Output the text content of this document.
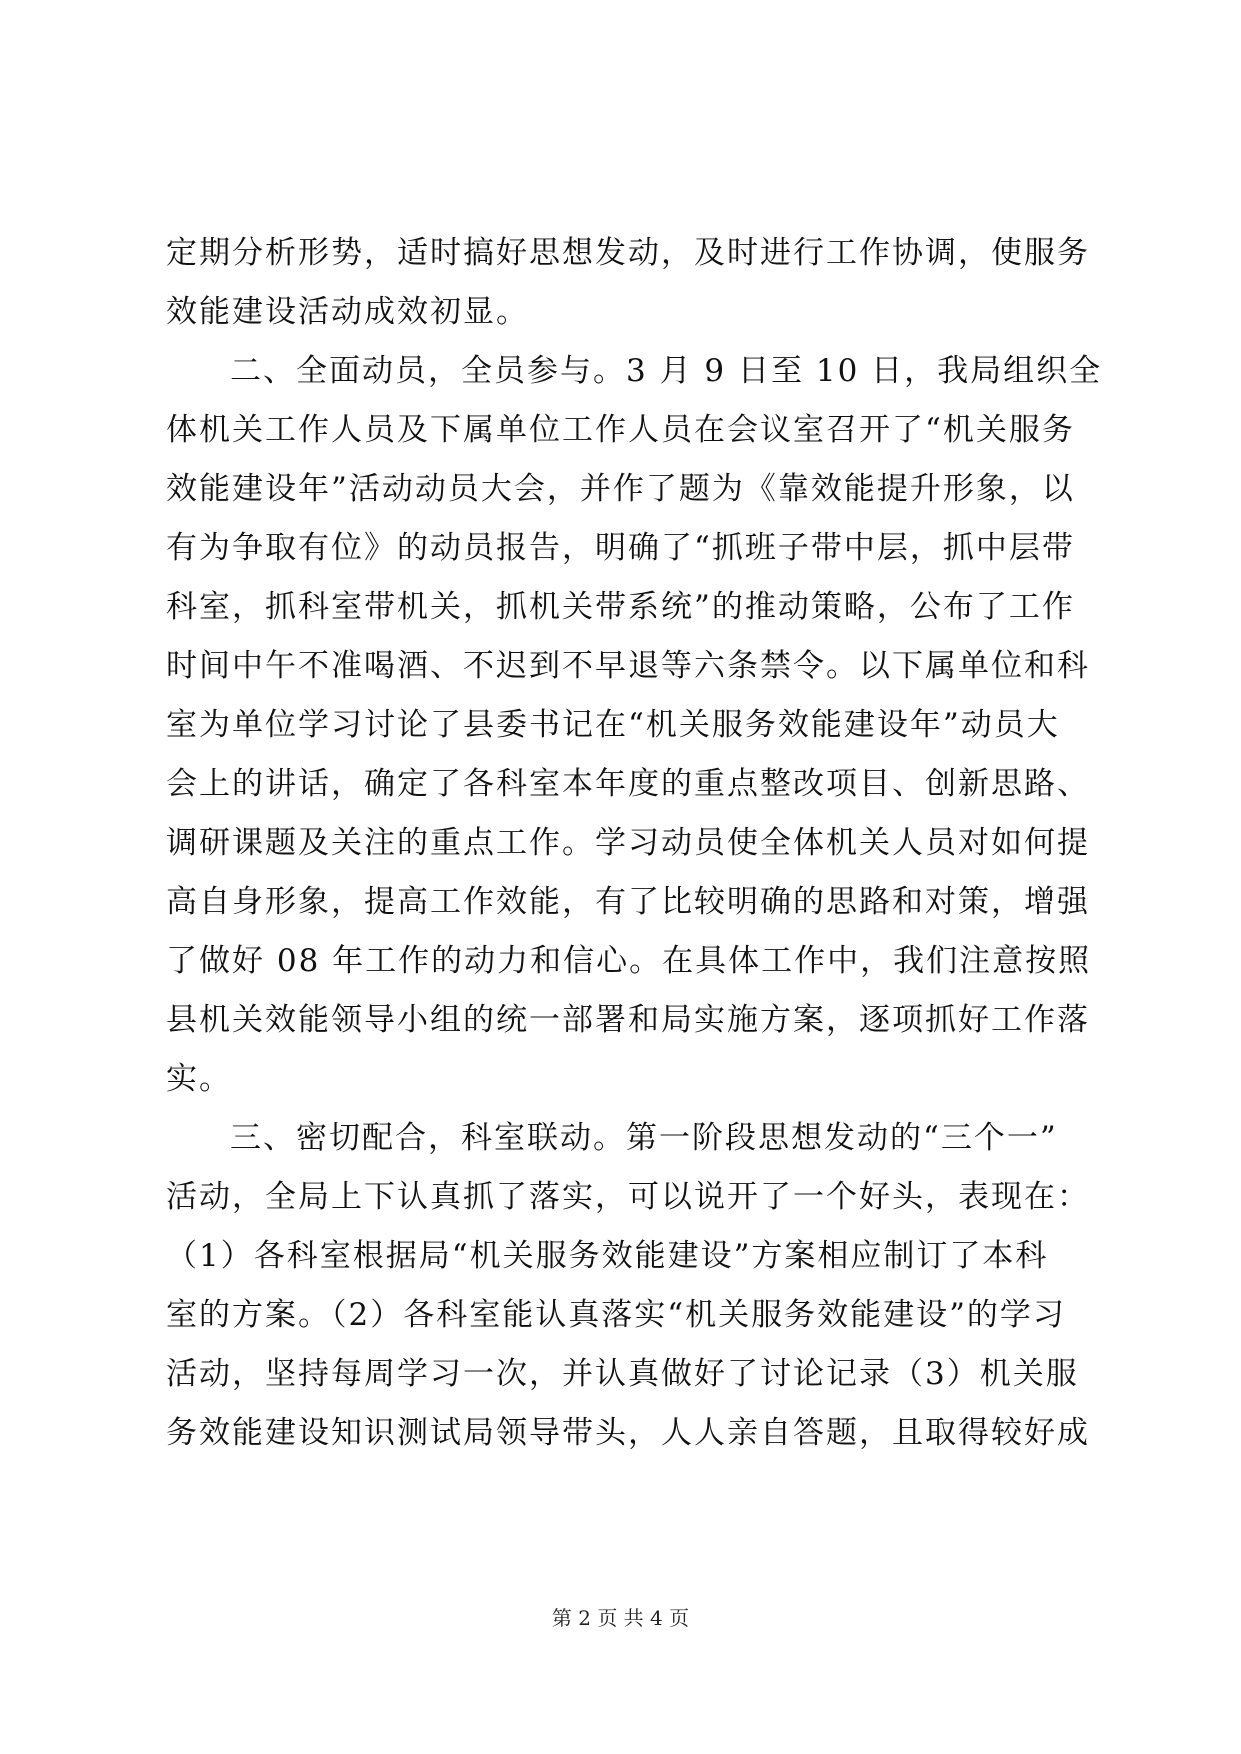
定期分析形势，适时搞好思想发动，及时进行工作协调，使服务
效能建设活动成效初显。
二、全面动员，全员参与。3 月 9 日至 10 日，我局组织全
体机关工作人员及下属单位工作人员在会议室召开了“机关服务
效能建设年”活动动员大会，并作了题为《靠效能提升形象，以
有为争取有位》的动员报告，明确了“抓班子带中层，抓中层带
科室，抓科室带机关，抓机关带系统”的推动策略，公布了工作
时间中午不准喝酒、不迟到不早退等六条禁令。以下属单位和科
室为单位学习讨论了县委书记在“机关服务效能建设年”动员大
会上的讲话，确定了各科室本年度的重点整改项目、创新思路、
调研课题及关注的重点工作。学习动员使全体机关人员对如何提
高自身形象，提高工作效能，有了比较明确的思路和对策，增强
了做好 08 年工作的动力和信心。在具体工作中，我们注意按照
县机关效能领导小组的统一部署和局实施方案，逐项抓好工作落
实。
三、密切配合，科室联动。第一阶段思想发动的“三个一”
活动，全局上下认真抓了落实，可以说开了一个好头，表现在：
（1）各科室根据局“机关服务效能建设”方案相应制订了本科
室的方案。（2）各科室能认真落实“机关服务效能建设”的学习
活动，坚持每周学习一次，并认真做好了讨论记录（3）机关服
务效能建设知识测试局领导带头，人人亲自答题，且取得较好成
第 2 页 共 4 页
